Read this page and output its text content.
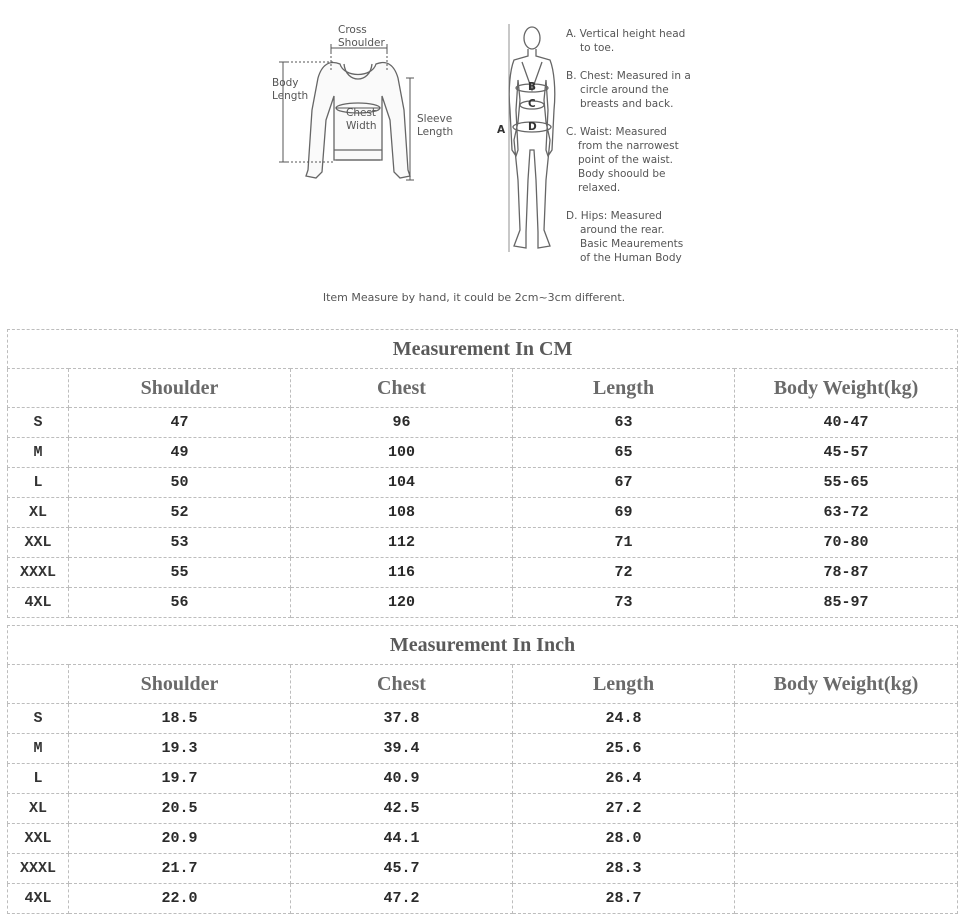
Cross
Shoulder
Body
Length
Chest
Width
Sleeve
Length	A
B
C
D
A. Vertical height head
to toe.
B. Chest: Measured in a
circle around the
breasts and back.
C. Waist: Measured
from the narrowest
point of the waist.
Body shoould be
relaxed.
D. Hips: Measured
around the rear.
Basic Meaurements
of the Human Body
Item Measure by hand, it could be 2cm~3cm different.
Measurement In CM				
	Shoulder	Chest	Length	Body Weight(kg)
S	47	96	63	40-47
M	49	100	65	45-57
L	50	104	67	55-65
XL	52	108	69	63-72
XXL	53	112	71	70-80
XXXL	55	116	72	78-87
4XL	56	120	73	85-97
Measurement In Inch				
	Shoulder	Chest	Length	Body Weight(kg)
S	18.5	37.8	24.8	
M	19.3	39.4	25.6	
L	19.7	40.9	26.4	
XL	20.5	42.5	27.2	
XXL	20.9	44.1	28.0	
XXXL	21.7	45.7	28.3	
4XL	22.0	47.2	28.7	
